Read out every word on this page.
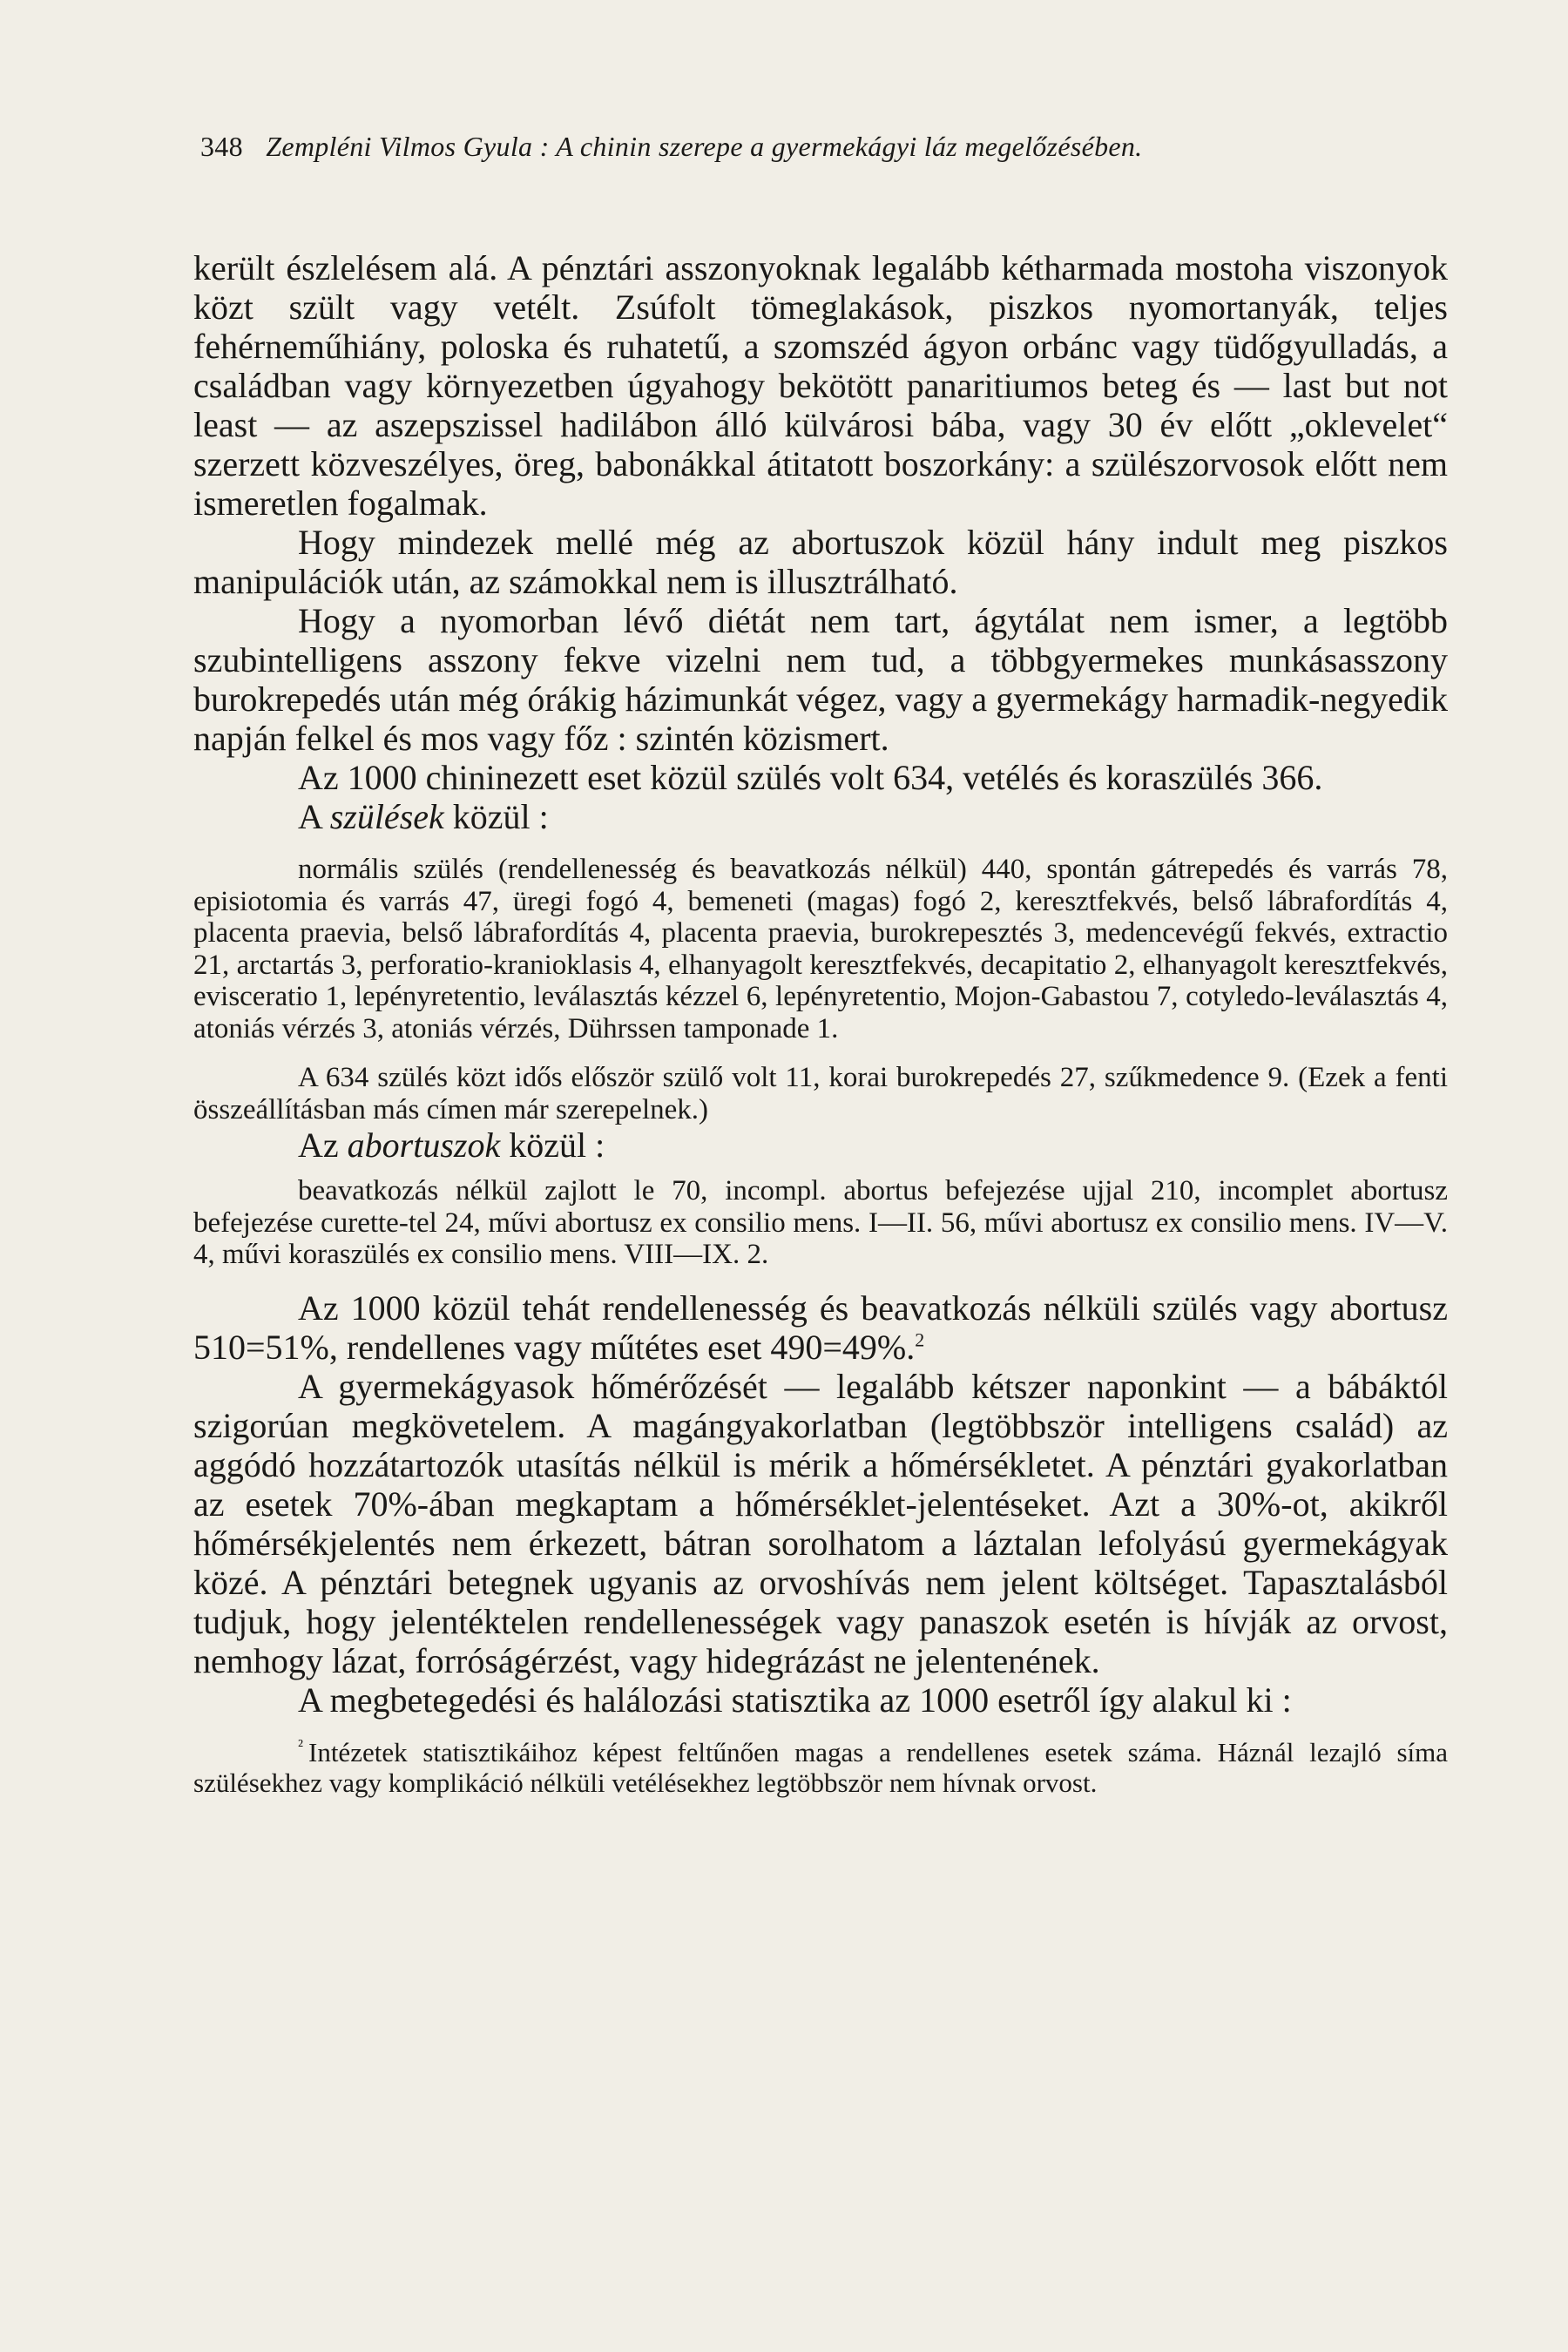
348 Zempléni Vilmos Gyula : A chinin szerepe a gyermekágyi láz megelőzésében.

került észlelésem alá. A pénztári asszonyoknak legalább kétharmada mostoha viszonyok közt szült vagy vetélt. Zsúfolt tömeglakások, piszkos nyomortanyák, teljes fehérneműhiány, poloska és ruhatetű, a szomszéd ágyon orbánc vagy tüdőgyulladás, a családban vagy környezetben úgyahogy bekötött panaritiumos beteg és — last but not least — az aszepszissel hadilábon álló külvárosi bába, vagy 30 év előtt „oklevelet“ szerzett közveszélyes, öreg, babonákkal átitatott boszorkány: a szülészorvosok előtt nem ismeretlen fogalmak.

Hogy mindezek mellé még az abortuszok közül hány indult meg piszkos manipulációk után, az számokkal nem is illusztrálható.

Hogy a nyomorban lévő diétát nem tart, ágytálat nem ismer, a legtöbb szubintelligens asszony fekve vizelni nem tud, a többgyermekes munkásasszony burokrepedés után még órákig házimunkát végez, vagy a gyermekágy harmadik-negyedik napján felkel és mos vagy főz : szintén közismert.

Az 1000 chininezett eset közül szülés volt 634, vetélés és koraszülés 366.

A szülések közül :

normális szülés (rendellenesség és beavatkozás nélkül) 440, spontán gátrepedés és varrás 78, episiotomia és varrás 47, üregi fogó 4, bemeneti (magas) fogó 2, keresztfekvés, belső lábrafordítás 4, placenta praevia, belső lábrafordítás 4, placenta praevia, burokrepesztés 3, medencevégű fekvés, extractio 21, arctartás 3, perforatio-kranioklasis 4, elhanyagolt keresztfekvés, decapitatio 2, elhanyagolt keresztfekvés, evisceratio 1, lepényretentio, leválasztás kézzel 6, lepényretentio, Mojon-Gabastou 7, cotyledo-leválasztás 4, atoniás vérzés 3, atoniás vérzés, Dührssen tamponade 1.

A 634 szülés közt idős először szülő volt 11, korai burokrepedés 27, szűkmedence 9. (Ezek a fenti összeállításban más címen már szerepelnek.)

Az abortuszok közül :

beavatkozás nélkül zajlott le 70, incompl. abortus befejezése ujjal 210, incomplet abortusz befejezése curette-tel 24, művi abortusz ex consilio mens. I—II. 56, művi abortusz ex consilio mens. IV—V. 4, művi koraszülés ex consilio mens. VIII—IX. 2.

Az 1000 közül tehát rendellenesség és beavatkozás nélküli szülés vagy abortusz 510=51%, rendellenes vagy műtétes eset 490=49%.$^2$

A gyermekágyasok hőmérőzését — legalább kétszer naponkint — a bábáktól szigorúan megkövetelem. A magángyakorlatban (legtöbbször intelligens család) az aggódó hozzátartozók utasítás nélkül is mérik a hőmérsékletet. A pénztári gyakorlatban az esetek 70%-ában megkaptam a hőmérséklet-jelentéseket. Azt a 30%-ot, akikről hőmérsékjelentés nem érkezett, bátran sorolhatom a láztalan lefolyású gyermekágyak közé. A pénztári betegnek ugyanis az orvoshívás nem jelent költséget. Tapasztalásból tudjuk, hogy jelentéktelen rendellenességek vagy panaszok esetén is hívják az orvost, nemhogy lázat, forróságérzést, vagy hidegrázást ne jelentenének.

A megbetegedési és halálozási statisztika az 1000 esetről így alakul ki :

$^{^2}$ Intézetek statisztikáihoz képest feltűnően magas a rendellenes esetek száma. Háznál lezajló síma szülésekhez vagy komplikáció nélküli vetélésekhez legtöbbször nem hívnak orvost.
